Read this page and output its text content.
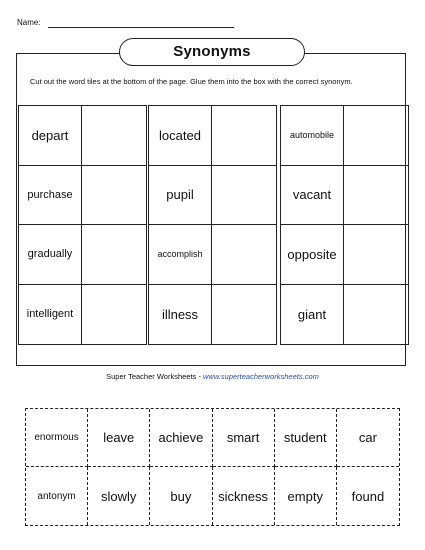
Name:
Synonyms
Cut out the word tiles at the bottom of the page. Glue them into the box with the correct synonym.
depart
purchase
gradually
intelligent
located
pupil
accomplish
illness
automobile
vacant
opposite
giant
Super Teacher Worksheets - www.superteacherworksheets.com
enormous	leave	achieve	smart	student	car
antonym	slowly	buy	sickness	empty	found
